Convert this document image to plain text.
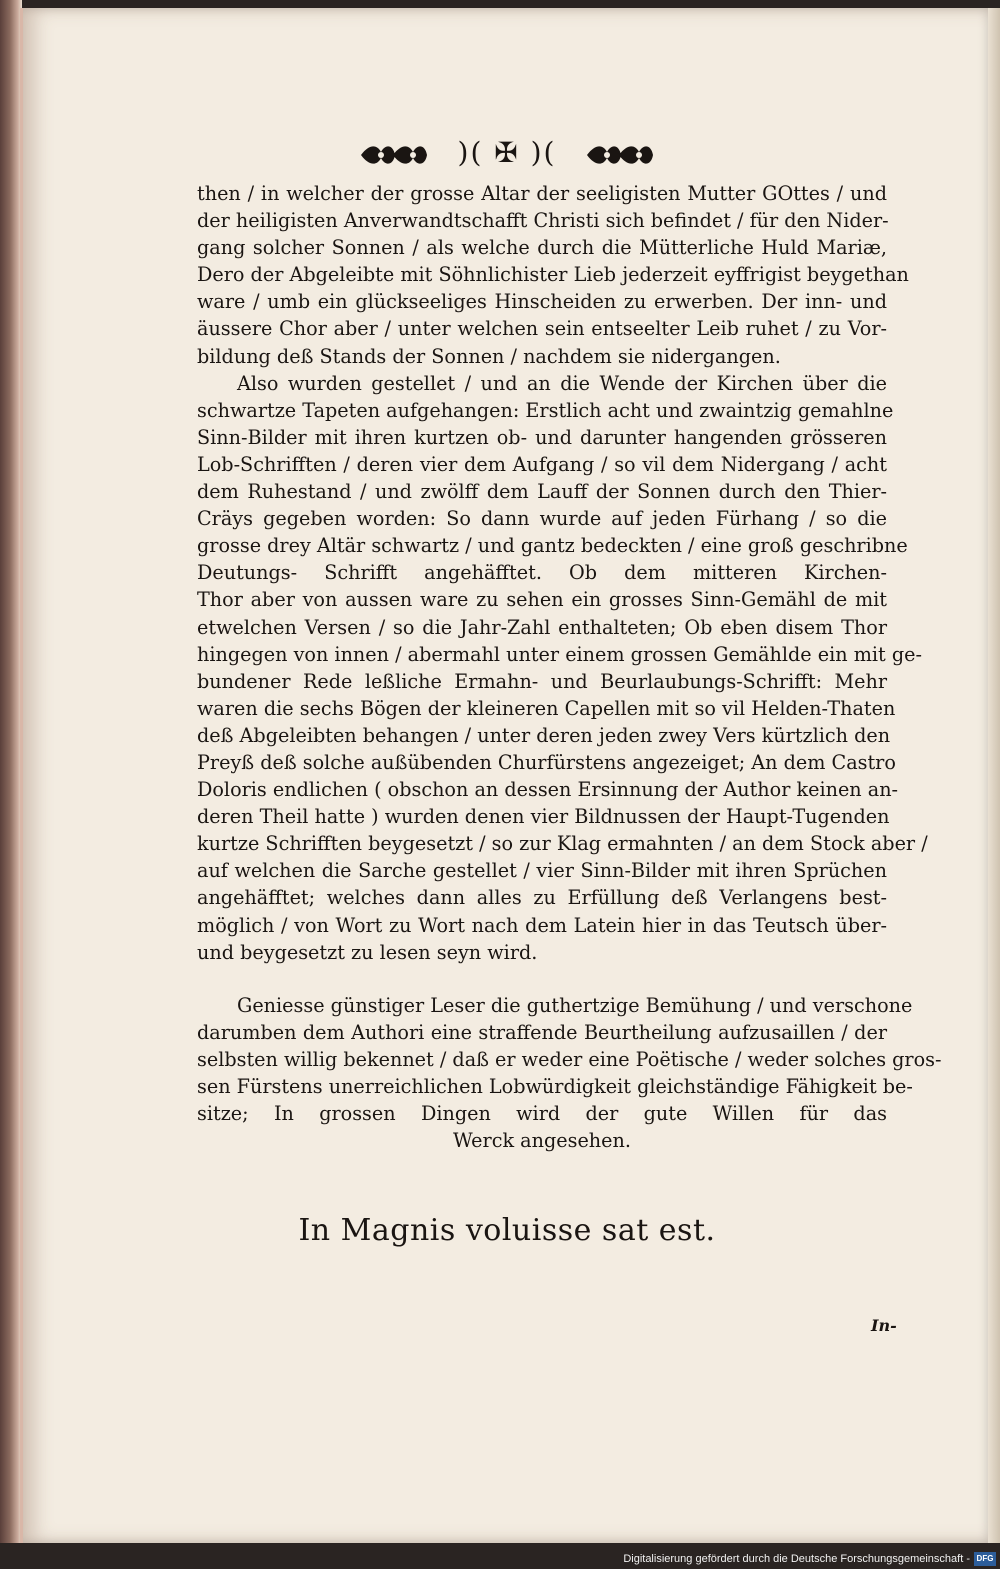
)( ✠ )(
then / in welcher der grosse Altar der seeligisten Mutter GOttes / und
der heiligisten Anverwandtschafft Christi sich befindet / für den Nider-
gang solcher Sonnen / als welche durch die Mütterliche Huld Mariæ,
Dero der Abgeleibte mit Söhnlichister Lieb jederzeit eyffrigist beygethan
ware / umb ein glückseeliges Hinscheiden zu erwerben. Der inn- und
äussere Chor aber / unter welchen sein entseelter Leib ruhet / zu Vor-
bildung deß Stands der Sonnen / nachdem sie nidergangen.
Also wurden gestellet / und an die Wende der Kirchen über die
schwartze Tapeten aufgehangen: Erstlich acht und zwaintzig gemahlne
Sinn-Bilder mit ihren kurtzen ob- und darunter hangenden grösseren
Lob-Schrifften / deren vier dem Aufgang / so vil dem Nidergang / acht
dem Ruhestand / und zwölff dem Lauff der Sonnen durch den Thier-
Cräys gegeben worden: So dann wurde auf jeden Fürhang / so die
grosse drey Altär schwartz / und gantz bedeckten / eine groß geschribne
Deutungs- Schrifft angehäfftet. Ob dem mitteren Kirchen-
Thor aber von aussen ware zu sehen ein grosses Sinn-Gemähl de mit
etwelchen Versen / so die Jahr-Zahl enthalteten; Ob eben disem Thor
hingegen von innen / abermahl unter einem grossen Gemählde ein mit ge-
bundener Rede leßliche Ermahn- und Beurlaubungs-Schrifft: Mehr
waren die sechs Bögen der kleineren Capellen mit so vil Helden-Thaten
deß Abgeleibten behangen / unter deren jeden zwey Vers kürtzlich den
Preyß deß solche außübenden Churfürstens angezeiget; An dem Castro
Doloris endlichen ( obschon an dessen Ersinnung der Author keinen an-
deren Theil hatte ) wurden denen vier Bildnussen der Haupt-Tugenden
kurtze Schrifften beygesetzt / so zur Klag ermahnten / an dem Stock aber /
auf welchen die Sarche gestellet / vier Sinn-Bilder mit ihren Sprüchen
angehäfftet; welches dann alles zu Erfüllung deß Verlangens best-
möglich / von Wort zu Wort nach dem Latein hier in das Teutsch über-
und beygesetzt zu lesen seyn wird.
Geniesse günstiger Leser die guthertzige Bemühung / und verschone
darumben dem Authori eine straffende Beurtheilung aufzusaillen / der
selbsten willig bekennet / daß er weder eine Poëtische / weder solches gros-
sen Fürstens unerreichlichen Lobwürdigkeit gleichständige Fähigkeit be-
sitze; In grossen Dingen wird der gute Willen für das
Werck angesehen.
In Magnis voluisse sat est.
In-
Digitalisierung gefördert durch die Deutsche Forschungsgemeinschaft - DFG
